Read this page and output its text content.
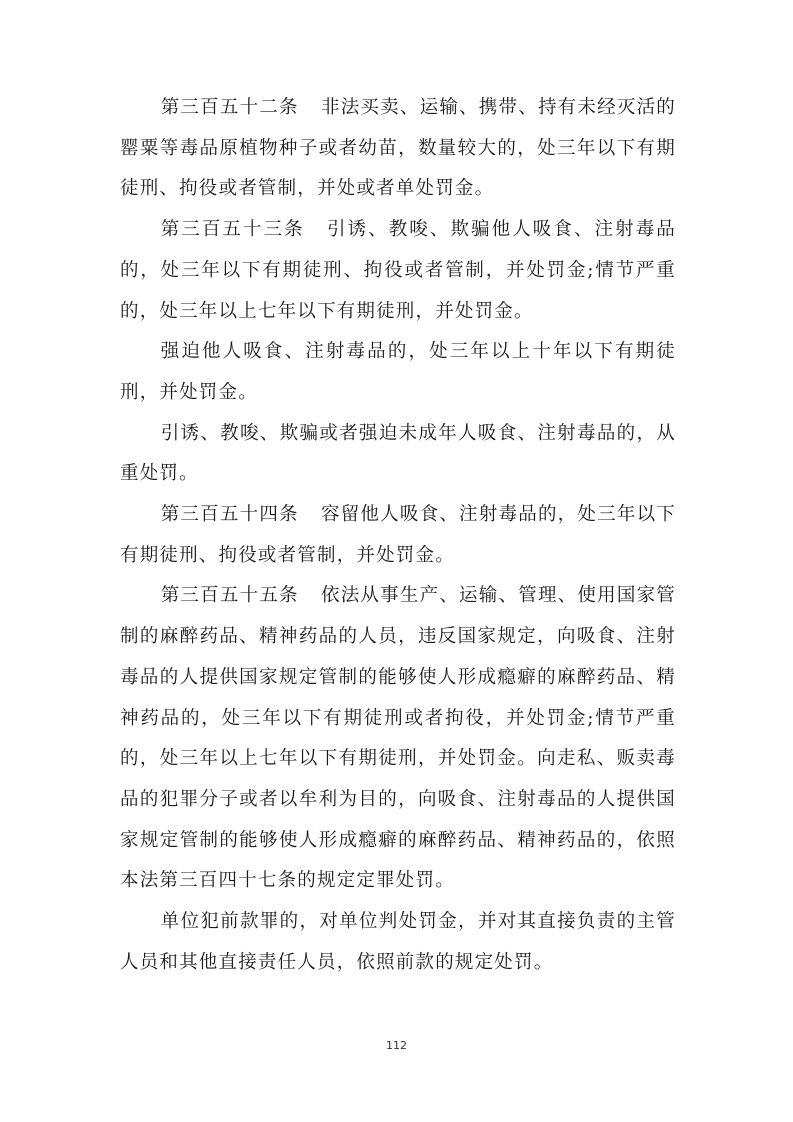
第三百五十二条 非法买卖、运输、携带、持有未经灭活的罂粟等毒品原植物种子或者幼苗，数量较大的，处三年以下有期徒刑、拘役或者管制，并处或者单处罚金。

第三百五十三条 引诱、教唆、欺骗他人吸食、注射毒品的，处三年以下有期徒刑、拘役或者管制，并处罚金;情节严重的，处三年以上七年以下有期徒刑，并处罚金。

强迫他人吸食、注射毒品的，处三年以上十年以下有期徒刑，并处罚金。

引诱、教唆、欺骗或者强迫未成年人吸食、注射毒品的，从重处罚。

第三百五十四条 容留他人吸食、注射毒品的，处三年以下有期徒刑、拘役或者管制，并处罚金。

第三百五十五条 依法从事生产、运输、管理、使用国家管制的麻醉药品、精神药品的人员，违反国家规定，向吸食、注射毒品的人提供国家规定管制的能够使人形成瘾癖的麻醉药品、精神药品的，处三年以下有期徒刑或者拘役，并处罚金;情节严重的，处三年以上七年以下有期徒刑，并处罚金。向走私、贩卖毒品的犯罪分子或者以牟利为目的，向吸食、注射毒品的人提供国家规定管制的能够使人形成瘾癖的麻醉药品、精神药品的，依照本法第三百四十七条的规定定罪处罚。

单位犯前款罪的，对单位判处罚金，并对其直接负责的主管人员和其他直接责任人员，依照前款的规定处罚。

112
